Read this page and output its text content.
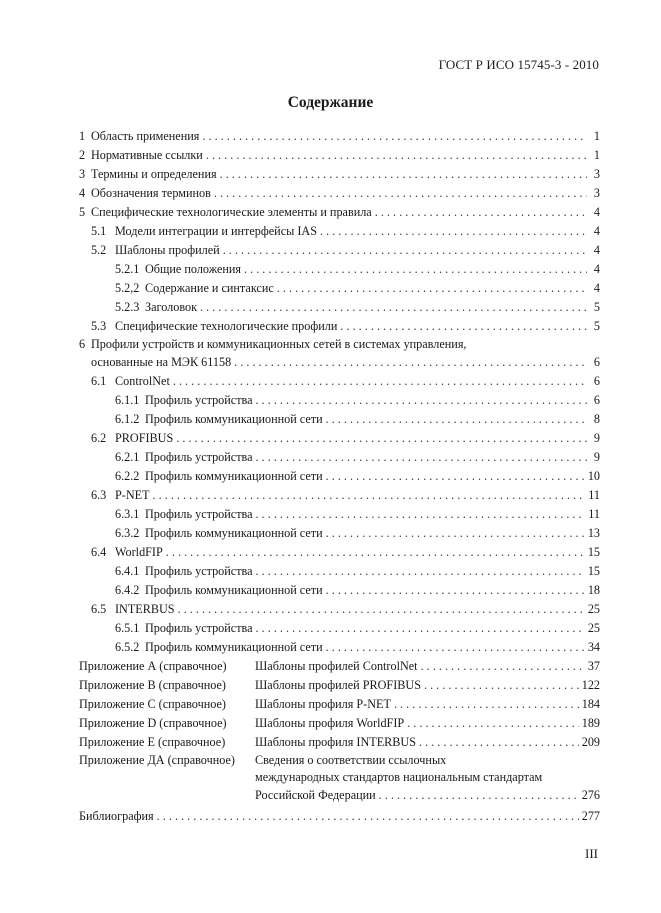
ГОСТ Р ИСО 15745-3 - 2010
Содержание
1 Область применения . . .	1
2 Нормативные ссылки . . .	1
3 Термины и определения . . .	3
4 Обозначения терминов . . .	3
5 Специфические технологические элементы и правила . . .	4
5.1 Модели интеграции и интерфейсы IAS . . .	4
5.2 Шаблоны профилей . . .	4
5.2.1 Общие положения . . .	4
5.2,2 Содержание и синтаксис . . .	4
5.2.3 Заголовок . . .	5
5.3 Специфические технологические профили . . .	5
6 Профили устройств и коммуникационных сетей в системах управления,
основанные на МЭК 61158 . . .	6
6.1 ControlNet . . .	6
6.1.1 Профиль устройства . . .	6
6.1.2 Профиль коммуникационной сети . . .	8
6.2 PROFIBUS . . .	9
6.2.1 Профиль устройства . . .	9
6.2.2 Профиль коммуникационной сети . . .	10
6.3 P-NET . . .	11
6.3.1 Профиль устройства . . .	11
6.3.2 Профиль коммуникационной сети . . .	13
6.4 WorldFIP . . .	15
6.4.1 Профиль устройства . . .	15
6.4.2 Профиль коммуникационной сети . . .	18
6.5 INTERBUS . . .	25
6.5.1 Профиль устройства . . .	25
6.5.2 Профиль коммуникационной сети . . .	34
Приложение А (справочное)	Шаблоны профилей ControlNet . . .	37
Приложение В (справочное)	Шаблоны профилей PROFIBUS . . .	122
Приложение С (справочное)	Шаблоны профиля P-NET . . .	184
Приложение D (справочное)	Шаблоны профиля WorldFIP . . .	189
Приложение Е (справочное)	Шаблоны профиля INTERBUS . . .	209
Приложение ДА (справочное)	Сведения о соответствии ссылочных
международных стандартов национальным стандартам
Российской Федерации . . .	276
Библиография . . .	277
III
